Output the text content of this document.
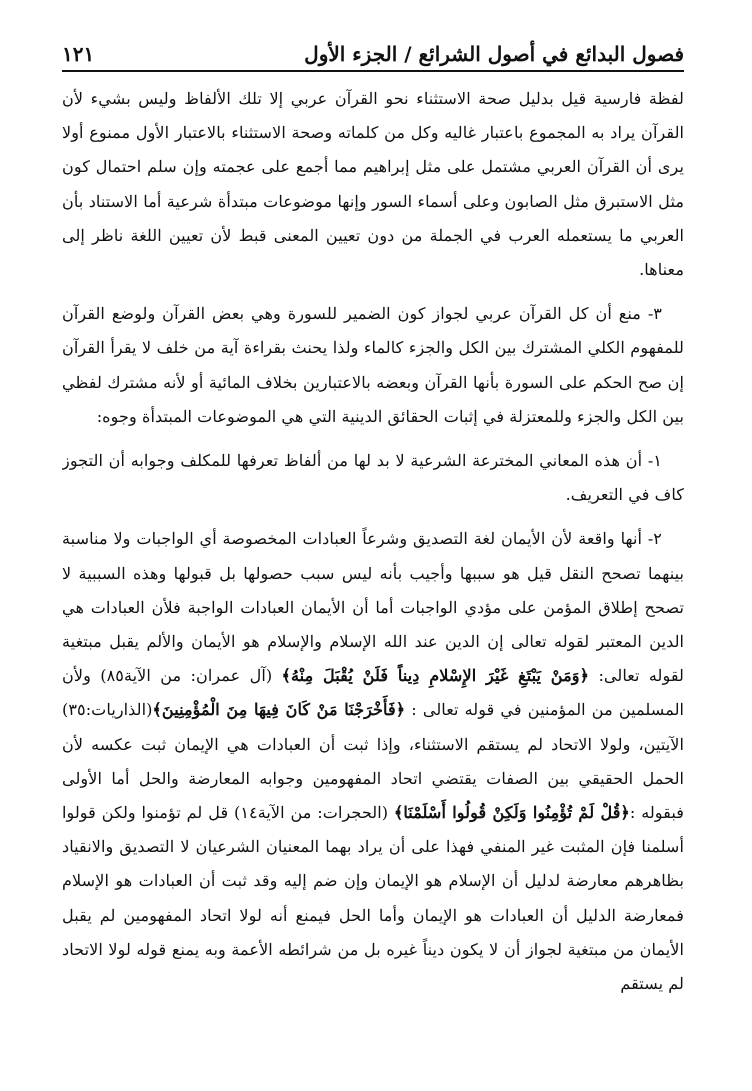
فصول البدائع في أصول الشرائع / الجزء الأول
١٢١

لفظة فارسية قيل بدليل صحة الاستثناء نحو القرآن عربي إلا تلك الألفاظ وليس بشيء لأن القرآن يراد به المجموع باعتبار غاليه وكل من كلماته وصحة الاستثناء بالاعتبار الأول ممنوع أولا يرى أن القرآن العربي مشتمل على مثل إبراهيم مما أجمع على عجمته وإن سلم احتمال كون مثل الاستبرق مثل الصابون وعلى أسماء السور وإنها موضوعات مبتدأة شرعية أما الاستناد بأن العربي ما يستعمله العرب في الجملة من دون تعيين المعنى قبط لأن تعيين اللغة ناظر إلى معناها.

٣- منع أن كل القرآن عربي لجواز كون الضمير للسورة وهي بعض القرآن ولوضع القرآن للمفهوم الكلي المشترك بين الكل والجزء كالماء ولذا يحنث بقراءة آية من خلف لا يقرأ القرآن إن صح الحكم على السورة بأنها القرآن وبعضه بالاعتبارين بخلاف المائية أو لأنه مشترك لفظي بين الكل والجزء وللمعتزلة في إثبات الحقائق الدينية التي هي الموضوعات المبتدأة وجوه:

١- أن هذه المعاني المخترعة الشرعية لا بد لها من ألفاظ تعرفها للمكلف وجوابه أن التجوز كاف في التعريف.

٢- أنها واقعة لأن الأيمان لغة التصديق وشرعاً العبادات المخصوصة أي الواجبات ولا مناسبة بينهما تصحح النقل قيل هو سببها وأجيب بأنه ليس سبب حصولها بل قبولها وهذه السببية لا تصحح إطلاق المؤمن على مؤدي الواجبات أما أن الأيمان العبادات الواجبة فلأن العبادات هي الدين المعتبر لقوله تعالى إن الدين عند الله الإسلام والإسلام هو الأيمان والألم يقبل مبتغية لقوله تعالى: ﴿وَمَنْ يَبْتَغِ غَيْرَ الإِسْلامِ دِيناً فَلَنْ يُقْبَلَ مِنْهُ﴾ (آل عمران: من الآية٨٥) ولأن المسلمين من المؤمنين في قوله تعالى : ﴿فَأَخْرَجْنَا مَنْ كَانَ فِيهَا مِنَ الْمُؤْمِنِينَ﴾(الذاريات:٣٥) الآيتين، ولولا الاتحاد لم يستقم الاستثناء، وإذا ثبت أن العبادات هي الإيمان ثبت عكسه لأن الحمل الحقيقي بين الصفات يقتضي اتحاد المفهومين وجوابه المعارضة والحل أما الأولى فبقوله :﴿قُلْ لَمْ تُؤْمِنُوا وَلَكِنْ قُولُوا أَسْلَمْنَا﴾ (الحجرات: من الآية١٤) قل لم تؤمنوا ولكن قولوا أسلمنا فإن المثبت غير المنفي فهذا على أن يراد بهما المعنيان الشرعيان لا التصديق والانقياد بظاهرهم معارضة لدليل أن الإسلام هو الإيمان وإن ضم إليه وقد ثبت أن العبادات هو الإسلام فمعارضة الدليل أن العبادات هو الإيمان وأما الحل فيمنع أنه لولا اتحاد المفهومين لم يقبل الأيمان من مبتغية لجواز أن لا يكون ديناً غيره بل من شرائطه الأعمة وبه يمنع قوله لولا الاتحاد لم يستقم
